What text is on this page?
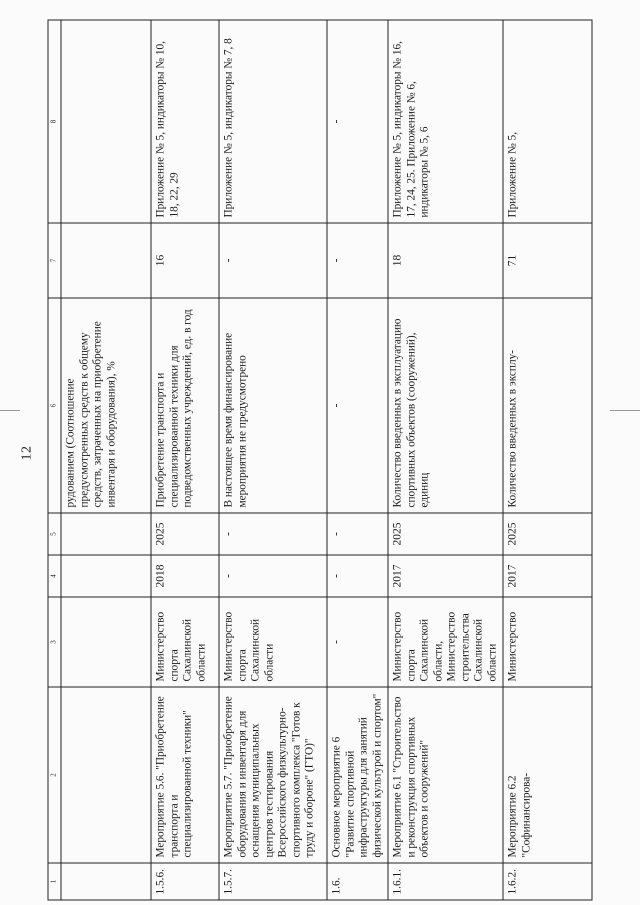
12
1	2	3	4	5	6	7	8
					рудованием (Соотношение предусмотренных средств к общему средств, затраченных на приобретение инвентаря и оборудования), %		
1.5.6.	Мероприятие 5.6. "Приобретение транспорта и специализированной техники"	Министерство спорта Сахалинской области	2018	2025	Приобретение транспорта и специализированной техники для подведомственных учреждений, ед. в год	16	Приложение № 5, индикаторы № 10, 18, 22, 29
1.5.7.	Мероприятие 5.7. "Приобретение оборудования и инвентаря для оснащения муниципальных центров тестирования Всероссийского физкультурно-спортивного комплекса "Готов к труду и обороне" (ГТО)"	Министерство спорта Сахалинской области	-	-	В настоящее время финансирование мероприятия не предусмотрено	-	Приложение № 5, индикаторы № 7, 8
1.6.	Основное мероприятие 6 "Развитие спортивной инфраструктуры для занятий физической культурой и спортом"	-	-	-	-	-	-
1.6.1.	Мероприятие 6.1 "Строительство и реконструкция спортивных объектов и сооружений"	Министерство спорта Сахалинской области, Министерство строительства Сахалинской области	2017	2025	Количество введенных в эксплуатацию спортивных объектов (сооружений), единиц	18	Приложение № 5, индикаторы № 16, 17, 24, 25. Приложение № 6, индикаторы № 5, 6
1.6.2.	Мероприятие 6.2 "Софинансирова-	Министерство	2017	2025	Количество введенных в эксплу-	71	Приложение № 5,
